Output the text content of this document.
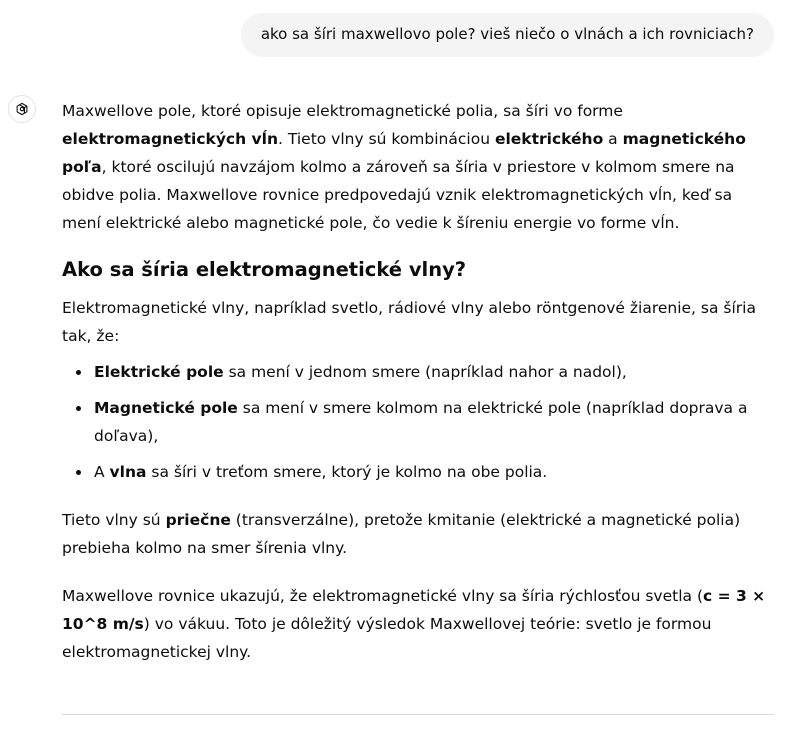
ako sa šíri maxwellovo pole? vieš niečo o vlnách a ich rovniciach?

Maxwellove pole, ktoré opisuje elektromagnetické polia, sa šíri vo forme elektromagnetických vĺn. Tieto vlny sú kombináciou elektrického a magnetického poľa, ktoré oscilujú navzájom kolmo a zároveň sa šíria v priestore v kolmom smere na obidve polia. Maxwellove rovnice predpovedajú vznik elektromagnetických vĺn, keď sa mení elektrické alebo magnetické pole, čo vedie k šíreniu energie vo forme vĺn.

Ako sa šíria elektromagnetické vlny?

Elektromagnetické vlny, napríklad svetlo, rádiové vlny alebo röntgenové žiarenie, sa šíria tak, že:

Elektrické pole sa mení v jednom smere (napríklad nahor a nadol),
Magnetické pole sa mení v smere kolmom na elektrické pole (napríklad doprava a doľava),
A vlna sa šíri v treťom smere, ktorý je kolmo na obe polia.

Tieto vlny sú priečne (transverzálne), pretože kmitanie (elektrické a magnetické polia) prebieha kolmo na smer šírenia vlny.

Maxwellove rovnice ukazujú, že elektromagnetické vlny sa šíria rýchlosťou svetla (c = 3 × 10^8 m/s) vo vákuu. Toto je dôležitý výsledok Maxwellovej teórie: svetlo je formou elektromagnetickej vlny.
